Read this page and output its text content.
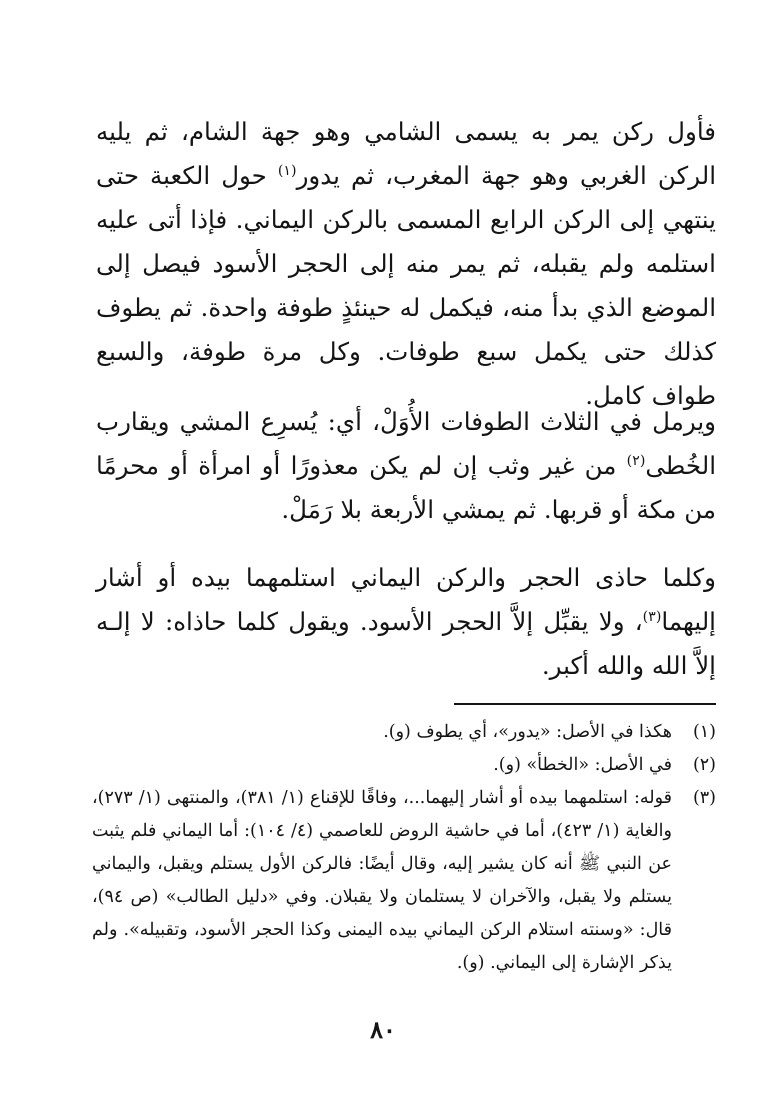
فأول ركن يمر به يسمى الشامي وهو جهة الشام، ثم يليه الركن الغربي وهو جهة المغرب، ثم يدور$^{(١)}$ حول الكعبة حتى ينتهي إلى الركن الرابع المسمى بالركن اليماني. فإذا أتى عليه استلمه ولم يقبله، ثم يمر منه إلى الحجر الأسود فيصل إلى الموضع الذي بدأ منه، فيكمل له حينئذٍ طوفة واحدة. ثم يطوف كذلك حتى يكمل سبع طوفات. وكل مرة طوفة، والسبع طواف كامل.

ويرمل في الثلاث الطوفات الأُوَلْ، أي: يُسرِع المشي ويقارب الخُطى$^{(٢)}$ من غير وثب إن لم يكن معذورًا أو امرأة أو محرمًا من مكة أو قربها. ثم يمشي الأربعة بلا رَمَلْ.

وكلما حاذى الحجر والركن اليماني استلمهما بيده أو أشار إليهما$^{(٣)}$، ولا يقبِّل إلاَّ الحجر الأسود. ويقول كلما حاذاه: لا إلـه إلاَّ الله والله أكبر.

(١)
هكذا في الأصل: «يدور»، أي يطوف (و).
(٢)
في الأصل: «الخطأ» (و).
(٣)
قوله: استلمهما بيده أو أشار إليهما...، وفاقًا للإقناع (١/ ٣٨١)، والمنتهى (١/ ٢٧٣)، والغاية (١/ ٤٢٣)، أما في حاشية الروض للعاصمي (٤/ ١٠٤): أما اليماني فلم يثبت عن النبي ﷺ أنه كان يشير إليه، وقال أيضًا: فالركن الأول يستلم ويقبل، واليماني يستلم ولا يقبل، والآخران لا يستلمان ولا يقبلان. وفي «دليل الطالب» (ص ٩٤)، قال: «وسنته استلام الركن اليماني بيده اليمنى وكذا الحجر الأسود، وتقبيله». ولم يذكر الإشارة إلى اليماني. (و).
٨٠
